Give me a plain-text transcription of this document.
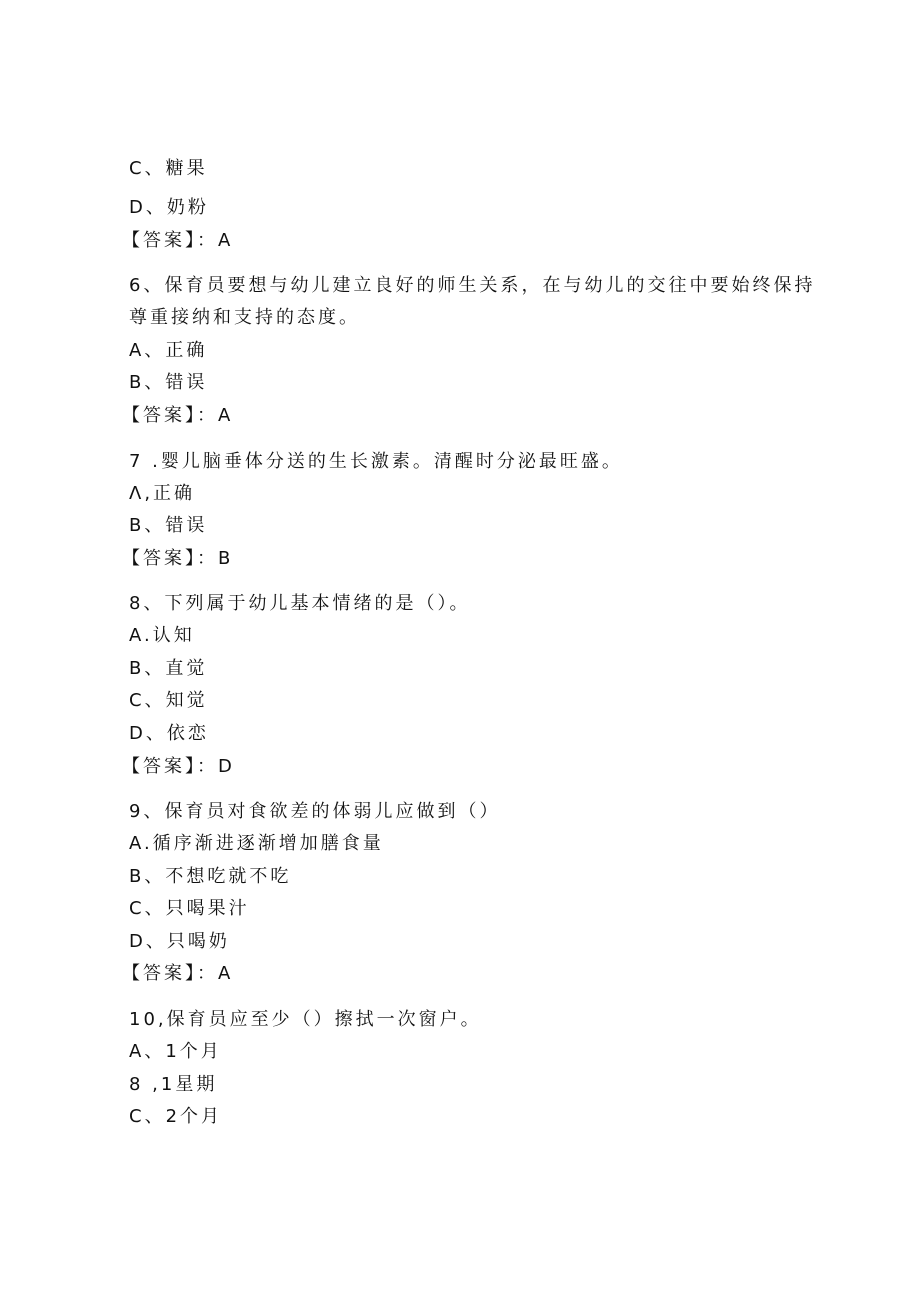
C、糖果
D、奶粉
【答案】：A
6、保育员要想与幼儿建立良好的师生关系，在与幼儿的交往中要始终保持
尊重接纳和支持的态度。
A、正确
B、错误
【答案】：A
7 .婴儿脑垂体分送的生长激素。清醒时分泌最旺盛。
Λ,正确
B、错误
【答案】：B
8、下列属于幼儿基本情绪的是（）。
A.认知
B、直觉
C、知觉
D、依恋
【答案】：D
9、保育员对食欲差的体弱儿应做到（）
A.循序渐进逐渐增加膳食量
B、不想吃就不吃
C、只喝果汁
D、只喝奶
【答案】：A
10,保育员应至少（）擦拭一次窗户。
A、1个月
8 ,1星期
C、2个月
